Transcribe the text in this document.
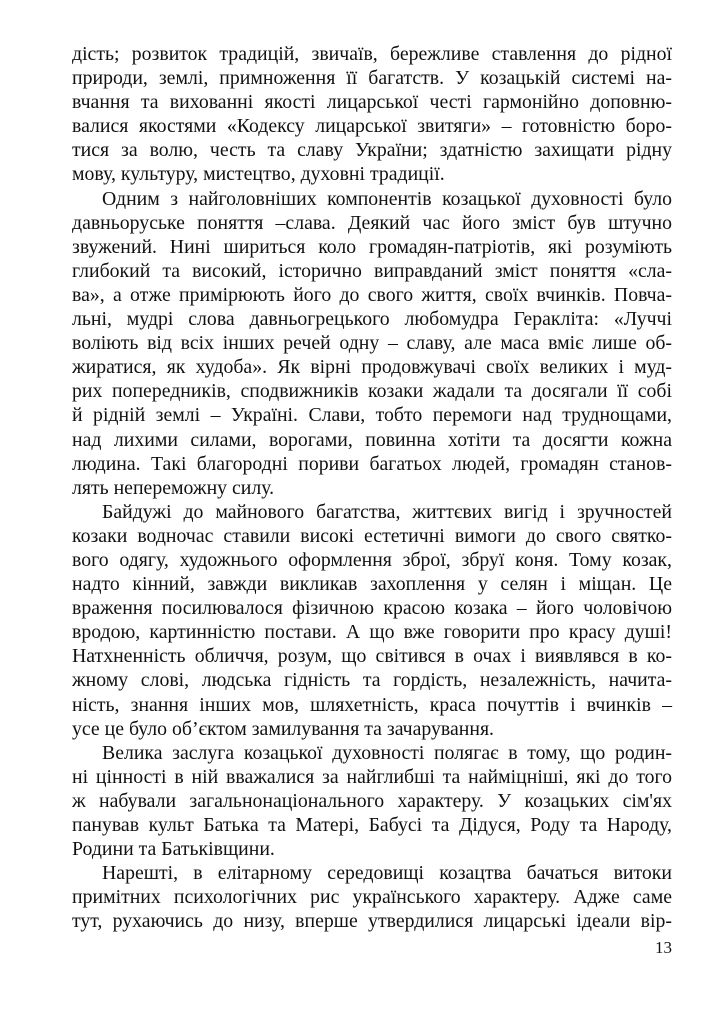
дість; розвиток традицій, звичаїв, бережливе ставлення до рідної
природи, землі, примноження її багатств. У козацькій системі на-
вчання та вихованні якості лицарської честі гармонійно доповню-
валися якостями «Кодексу лицарської звитяги» – готовністю боро-
тися за волю, честь та славу України; здатністю захищати рідну
мову, культуру, мистецтво, духовні традиції.
Одним з найголовніших компонентів козацької духовності було
давньоруське поняття –слава. Деякий час його зміст був штучно
звужений. Нині шириться коло громадян-патріотів, які розуміють
глибокий та високий, історично виправданий зміст поняття «сла-
ва», а отже примірюють його до свого життя, своїх вчинків. Повча-
льні, мудрі слова давньогрецького любомудра Геракліта: «Луччі
воліють від всіх інших речей одну – славу, але маса вміє лише об-
жиратися, як худоба». Як вірні продовжувачі своїх великих і муд-
рих попередників, сподвижників козаки жадали та досягали її собі
й рідній землі – Україні. Слави, тобто перемоги над труднощами,
над лихими силами, ворогами, повинна хотіти та досягти кожна
людина. Такі благородні пориви багатьох людей, громадян станов-
лять непереможну силу.
Байдужі до майнового багатства, життєвих вигід і зручностей
козаки водночас ставили високі естетичні вимоги до свого святко-
вого одягу, художнього оформлення зброї, збруї коня. Тому козак,
надто кінний, завжди викликав захоплення у селян і міщан. Це
враження посилювалося фізичною красою козака – його чоловічою
вродою, картинністю постави. А що вже говорити про красу душі!
Натхненність обличчя, розум, що світився в очах і виявлявся в ко-
жному слові, людська гідність та гордість, незалежність, начита-
ність, знання інших мов, шляхетність, краса почуттів і вчинків –
усе це було об’єктом замилування та зачарування.
Велика заслуга козацької духовності полягає в тому, що родин-
ні цінності в ній вважалися за найглибші та найміцніші, які до того
ж набували загальнонаціонального характеру. У козацьких сім'ях
панував культ Батька та Матері, Бабусі та Дідуся, Роду та Народу,
Родини та Батьківщини.
Нарешті, в елітарному середовищі козацтва бачаться витоки
примітних психологічних рис українського характеру. Адже саме
тут, рухаючись до низу, вперше утвердилися лицарські ідеали вір-
13
